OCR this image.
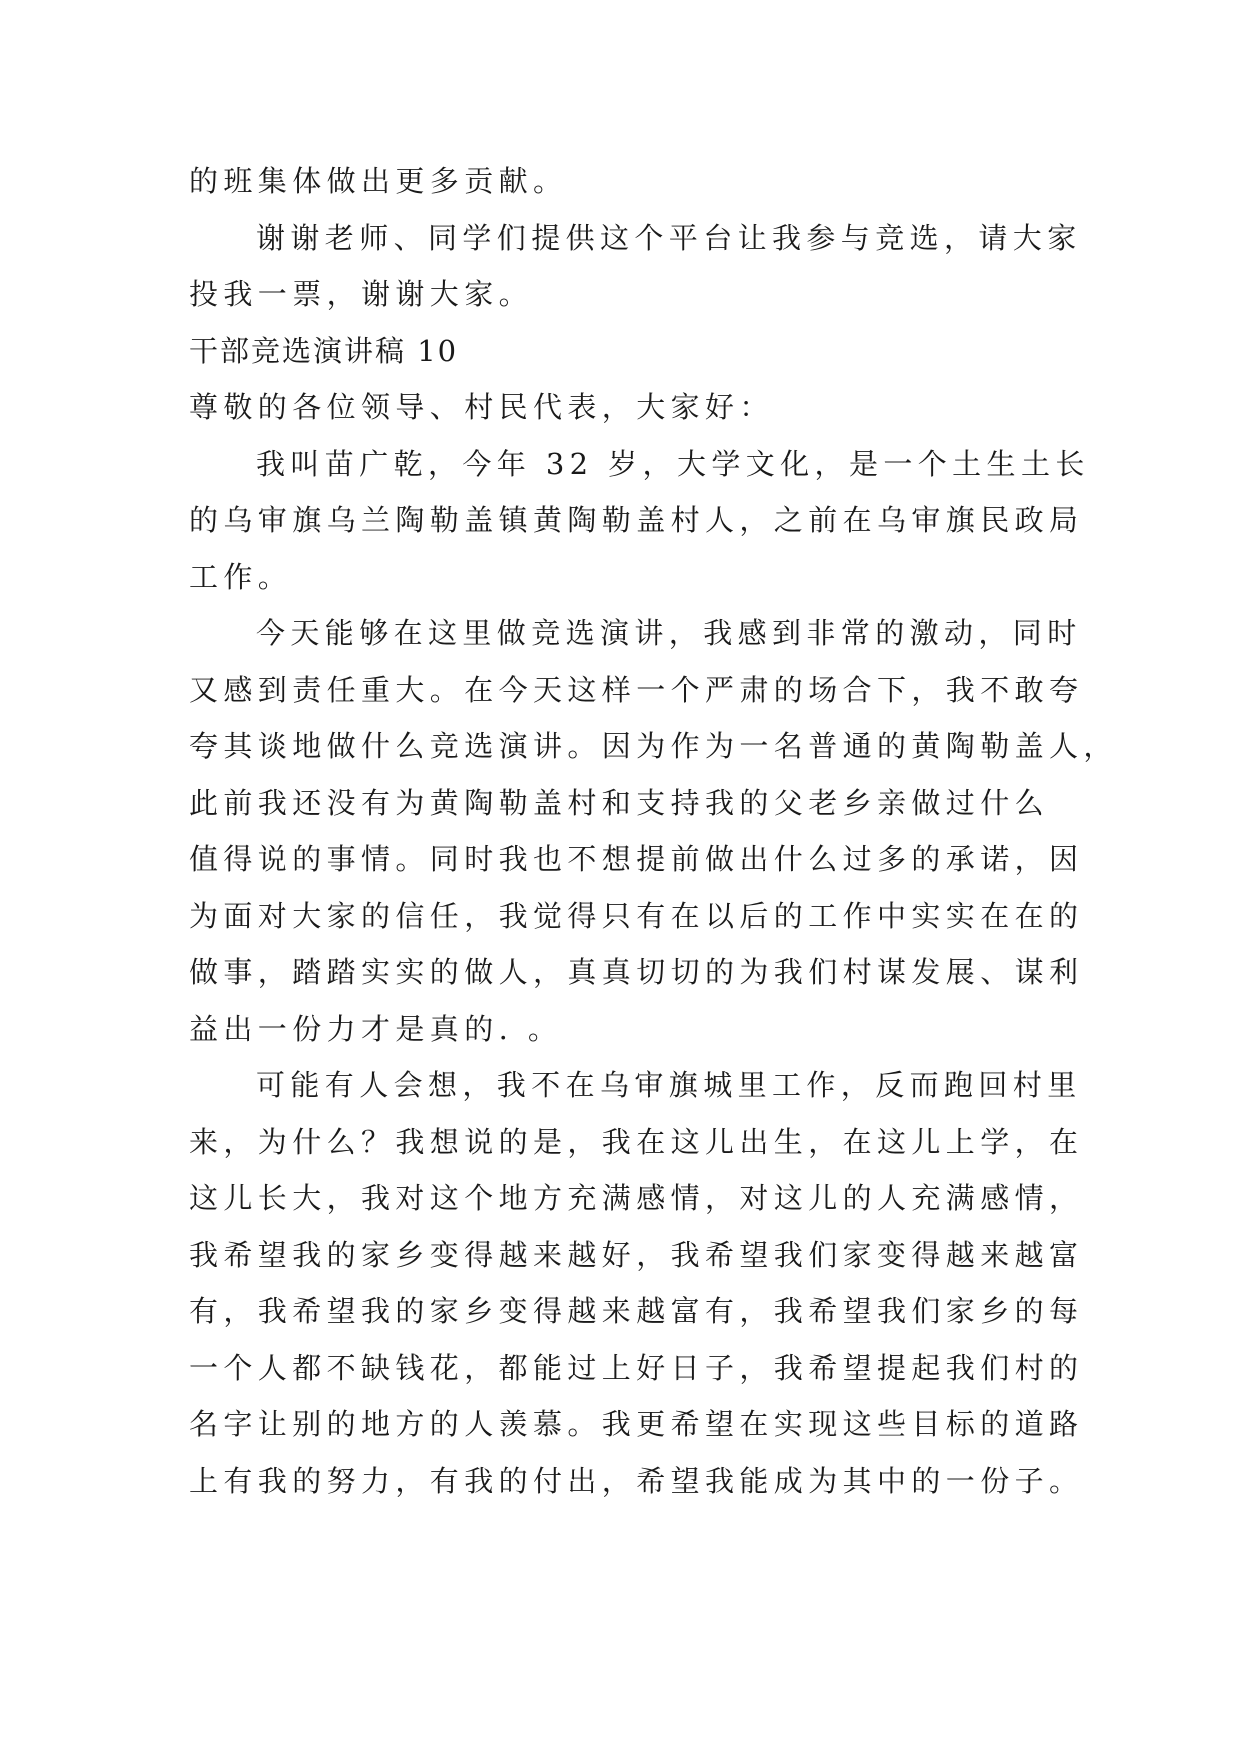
的班集体做出更多贡献。
谢谢老师、同学们提供这个平台让我参与竞选，请大家
投我一票，谢谢大家。
干部竞选演讲稿 10
尊敬的各位领导、村民代表，大家好：
我叫苗广乾，今年 32 岁，大学文化，是一个土生土长
的乌审旗乌兰陶勒盖镇黄陶勒盖村人，之前在乌审旗民政局
工作。
今天能够在这里做竞选演讲，我感到非常的激动，同时
又感到责任重大。在今天这样一个严肃的场合下，我不敢夸
夸其谈地做什么竞选演讲。因为作为一名普通的黄陶勒盖人，
此前我还没有为黄陶勒盖村和支持我的父老乡亲做过什么
值得说的事情。同时我也不想提前做出什么过多的承诺，因
为面对大家的信任，我觉得只有在以后的工作中实实在在的
做事，踏踏实实的做人，真真切切的为我们村谋发展、谋利
益出一份力才是真的. 。
可能有人会想，我不在乌审旗城里工作，反而跑回村里
来，为什么？我想说的是，我在这儿出生，在这儿上学，在
这儿长大，我对这个地方充满感情，对这儿的人充满感情，
我希望我的家乡变得越来越好，我希望我们家变得越来越富
有，我希望我的家乡变得越来越富有，我希望我们家乡的每
一个人都不缺钱花，都能过上好日子，我希望提起我们村的
名字让别的地方的人羡慕。我更希望在实现这些目标的道路
上有我的努力，有我的付出，希望我能成为其中的一份子。
